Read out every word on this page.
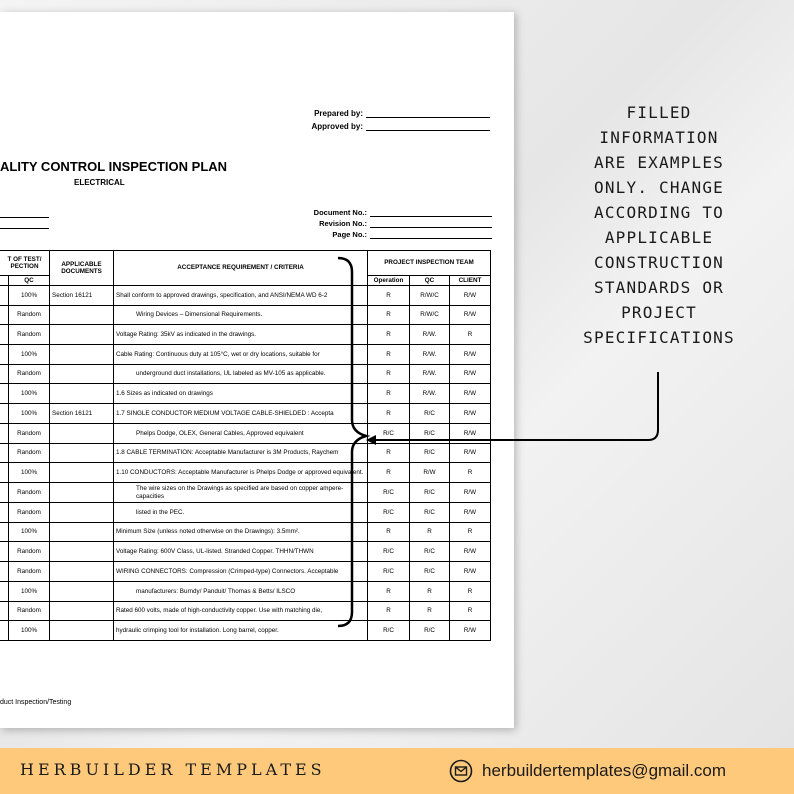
Prepared by:
Approved by:
ALITY CONTROL INSPECTION PLAN
ELECTRICAL
Document No.:
Revision No.:
Page No.:
T OF TEST/
PECTION		APPLICABLE DOCUMENTS	ACCEPTANCE REQUIREMENT / CRITERIA	PROJECT INSPECTION TEAM		
	QC			Operation	QC	CLIENT
	100%	Section 16121	Shall conform to approved drawings, specification, and ANSI/NEMA WD 6-2	R	R/W/C	R/W
	Random		Wiring Devices – Dimensional Requirements.	R	R/W/C	R/W
	Random		Voltage Rating: 35kV as indicated in the drawings.	R	R/W.	R
	100%		Cable Rating: Continuous duty at 105°C, wet or dry locations, suitable for	R	R/W.	R/W
	Random		underground duct installations, UL labeled as MV-105 as applicable.	R	R/W.	R/W
	100%		1.6 Sizes as indicated on drawings	R	R/W.	R/W
	100%	Section 16121	1.7 SINGLE CONDUCTOR MEDIUM VOLTAGE CABLE-SHIELDED : Accepta	R	R/C	R/W
	Random		Phelps Dodge, OLEX, General Cables, Approved equivalent	R/C	R/C	R/W
	Random		1.8 CABLE TERMINATION: Acceptable Manufacturer is 3M Products, Raychem	R	R/C	R/W
	100%		1.10 CONDUCTORS: Acceptable Manufacturer is Phelps Dodge or approved equivalent.	R	R/W	R
	Random		The wire sizes on the Drawings as specified are based on copper ampere-capacities	R/C	R/C	R/W
	Random		listed in the PEC.	R/C	R/C	R/W
	100%		Minimum Size (unless noted otherwise on the Drawings): 3.5mm².	R	R	R
	Random		Voltage Rating: 600V Class, UL-listed. Stranded Copper. THHN/THWN	R/C	R/C	R/W
	Random		WIRING CONNECTORS: Compression (Crimped-type) Connectors. Acceptable	R/C	R/C	R/W
	100%		manufacturers: Burndy/ Panduit/ Thomas & Betts/ ILSCO	R	R	R
	Random		Rated 600 volts, made of high-conductivity copper. Use with matching die,	R	R	R
	100%		hydraulic crimping tool for installation. Long barrel, copper.	R/C	R/C	R/W
duct Inspection/Testing
FILLED
INFORMATION
ARE EXAMPLES
ONLY. CHANGE
ACCORDING TO
APPLICABLE
CONSTRUCTION
STANDARDS OR
PROJECT
SPECIFICATIONS
HERBUILDER TEMPLATES	herbuildertemplates@gmail.com
